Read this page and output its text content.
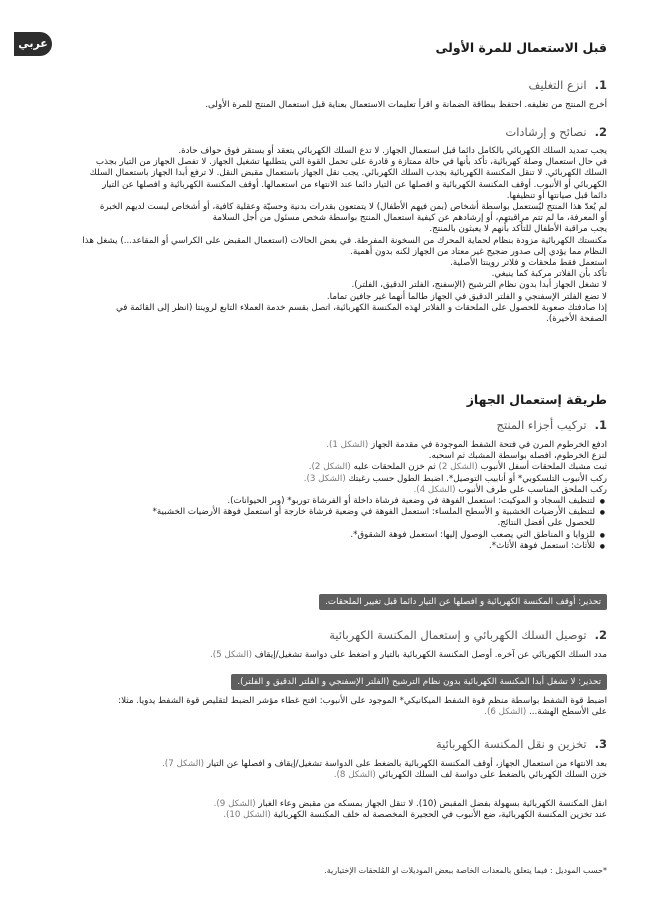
عربي	قبل الاستعمال للمرة الأولى

1.انزع التغليف

أخرج المنتج من تغليفه. احتفظ ببطاقة الضمانة و اقرأ تعليمات الاستعمال بعناية قبل استعمال المنتج للمرة الأولى.

2.نصائح و إرشادات

يجب تمديد السلك الكهربائي بالكامل دائما قبل استعمال الجهاز. لا تدع السلك الكهربائي يتعقد أو يستقر فوق حواف حادة.

في حال استعمال وصلة كهربائية، تأكد بأنها في حالة ممتازة و قادرة على تحمل القوة التي يتطلبها تشغيل الجهاز. لا تفصل الجهاز من التيار بجذب

السلك الكهربائي. لا تنقل المكنسة الكهربائية بجذب السلك الكهربائي. يجب نقل الجهاز باستعمال مقبض النقل. لا ترفع أبدا الجهاز باستعمال السلك

الكهربائي أو الأنبوب. أوقف المكنسة الكهربائية و افصلها عن التيار دائما عند الانتهاء من استعمالها. أوقف المكنسة الكهربائية و افصلها عن التيار

دائما قبل صيانتها أو تنظيفها.

لم يُعدّ هذا المنتج ليُستعمل بواسطة أشخاص (بمن فيهم الأطفال) لا يتمتعون بقدرات بدنية وحسيّة وعقلية كافية، أو أشخاص ليست لديهم الخبرة

أو المعرفة، ما لم تتم مراقبتهم، أو إرشادهم عن كيفية استعمال المنتج بواسطة شخص مسئول من أجل السلامة

يجب مراقبة الأطفال للتأكد بأنهم لا يعبثون بالمنتج.

مكنستك الكهربائية مزودة بنظام لحماية المحرك من السخونة المفرطة. في بعض الحالات (استعمال المقبض على الكراسي أو المقاعد...) يشغل هذا

النظام مما يؤدي إلى صدور ضجيج غير معتاد من الجهاز لكنه بدون أهمية.

استعمل فقط ملحقات و فلاتر روينتا الأصلية.

تأكد بأن الفلاتر مركبة كما ينبغي.

لا تشغل الجهاز أبدا بدون نظام الترشيح (الإسفنج، الفلتر الدقيق، الفلتر).

لا تضع الفلتر الإسفنجي و الفلتر الدقيق في الجهاز طالما أنهما غير جافين تماما.

إذا صادفتك صعوبة للحصول على الملحقات و الفلاتر لهذه المكنسة الكهربائية، اتصل بقسم خدمة العملاء التابع لروينتا (انظر إلى القائمة في

الصفحة الأخيرة).

طريقة إستعمال الجهاز

1.تركيب أجزاء المنتج

ادفع الخرطوم المرن في فتحة الشفط الموجودة في مقدمة الجهاز (الشكل 1).

لنزع الخرطوم، افصله بواسطة المشبك ثم اسحبه.

ثبت مشبك الملحقات أسفل الأنبوب (الشكل 2) ثم خزن الملحقات عليه (الشكل 2).

ركب الأنبوب التلسكوبي* أو أنابيب التوصيل*. اضبط الطول حسب رغبتك (الشكل 3).

ركب الملحق المناسب على طرف الأنبوب (الشكل 4).

● لتنظيف السجاد و الموكيت: استعمل الفوهة في وضعية فرشاة داخلة أو الفرشاة توربو* (وبر الحيوانات).
● لتنظيف الأرضيات الخشبية و الأسطح الملساء: استعمل الفوهة في وضعية فرشاة خارجة أو استعمل فوهة الأرضيات الخشبية*
للحصول على أفضل النتائج.
● للزوايا و المناطق التي يصعب الوصول إليها: استعمل فوهة الشقوق*.
● للأثاث: استعمل فوهة الأثاث*.
تحذير: أوقف المكنسة الكهربائية و افصلها عن التيار دائما قبل تغيير الملحقات.

2.توصيل السلك الكهربائي و إستعمال المكنسة الكهربائية

مدد السلك الكهربائي عن آخره. أوصل المكنسة الكهربائية بالتيار و اضغط على دواسة تشغيل/إيقاف (الشكل 5).

تحذير: لا تشغل أبدا المكنسة الكهربائية بدون نظام الترشيح (الفلتر الإسفنجي و الفلتر الدقيق و الفلتر).

اضبط قوة الشفط بواسطة منظم قوة الشفط الميكانيكي* الموجود على الأنبوب: افتح غطاء مؤشر الضبط لتقليص قوة الشفط يدويا. مثلا:

على الأسطح الهشة... (الشكل 6).

3.تخزين و نقل المكنسة الكهربائية

بعد الانتهاء من استعمال الجهاز، أوقف المكنسة الكهربائية بالضغط على الدواسة تشغيل/إيقاف و افصلها عن التيار (الشكل 7).

خزن السلك الكهربائي بالضغط على دواسة لف السلك الكهربائي (الشكل 8).

انقل المكنسة الكهربائية بسهولة بفضل المقبض (10). لا تنقل الجهاز بمسكه من مقبض وعاء الغبار (الشكل 9).

عند تخزين المكنسة الكهربائية، ضع الأنبوب في الحجيرة المخصصة له خلف المكنسة الكهربائية (الشكل 10).

*حسب الموديل : فيما يتعلق بالمعدات الخاصة ببعض الموديلات او المُلحقات الإختيارية.
